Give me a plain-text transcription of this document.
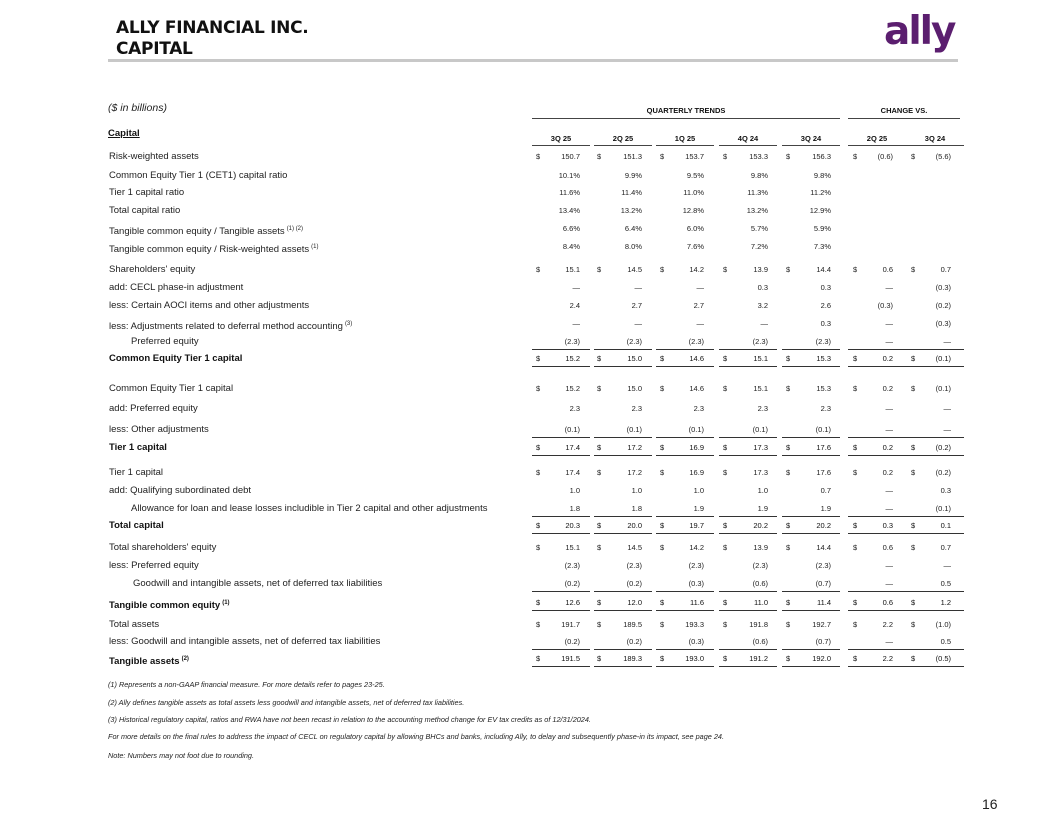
ALLY FINANCIAL INC.
CAPITAL	ally
($ in billions)	QUARTERLY TRENDS	CHANGE VS.
Capital	3Q 25	2Q 25	1Q 25	4Q 24	3Q 24	2Q 25	3Q 24
Risk-weighted assets	$	150.7 $	151.3 $	153.7	$	153.3 $	156.3	$	(0.6) $	(5.6)
Common Equity Tier 1 (CET1) capital ratio	10.1%	9.9%	9.5%	9.8%	9.8%
Tier 1 capital ratio	11.6%	11.4%	11.0%	11.3%	11.2%
Total capital ratio	13.4%	13.2%	12.8%	13.2%	12.9%
Tangible common equity / Tangible assets $^{(1) (2)}$	6.6%	6.4%	6.0%	5.7%	5.9%
Tangible common equity / Risk-weighted assets $^{(1)}$	8.4%	8.0%	7.6%	7.2%	7.3%
Shareholders' equity	$	15.1 $	14.5 $	14.2	$	13.9 $	14.4	$	0.6 $	0.7
add: CECL phase-in adjustment	—	—	—	0.3	0.3	—	(0.3)
less: Certain AOCI items and other adjustments	2.4	2.7	2.7	3.2	2.6	(0.3)	(0.2)
less: Adjustments related to deferral method accounting $^{(3)}$	—	—	—	—	0.3	—	(0.3)
Preferred equity	(2.3)	(2.3)	(2.3)	(2.3)	(2.3)	—	—
Common Equity Tier 1 capital	$	15.2 $	15.0 $	14.6	$	15.1 $	15.3	$	0.2 $	(0.1)
Common Equity Tier 1 capital	$	15.2 $	15.0 $	14.6	$	15.1 $	15.3	$	0.2 $	(0.1)
add: Preferred equity	2.3	2.3	2.3	2.3	2.3	—	—
less: Other adjustments	(0.1)	(0.1)	(0.1)	(0.1)	(0.1)	—	—
Tier 1 capital	$	17.4 $	17.2 $	16.9	$	17.3 $	17.6	$	0.2 $	(0.2)
Tier 1 capital	$	17.4 $	17.2 $	16.9	$	17.3 $	17.6	$	0.2 $	(0.2)
add: Qualifying subordinated debt	1.0	1.0	1.0	1.0	0.7	—	0.3
Allowance for loan and lease losses includible in Tier 2 capital and other adjustments	1.8	1.8	1.9	1.9	1.9	—	(0.1)
Total capital	$	20.3 $	20.0 $	19.7	$	20.2 $	20.2	$	0.3 $	0.1
Total shareholders' equity	$	15.1 $	14.5 $	14.2	$	13.9 $	14.4	$	0.6 $	0.7
less: Preferred equity	(2.3)	(2.3)	(2.3)	(2.3)	(2.3)	—	—
Goodwill and intangible assets, net of deferred tax liabilities	(0.2)	(0.2)	(0.3)	(0.6)	(0.7)	—	0.5
Tangible common equity $^{(1)}$	$	12.6 $	12.0 $	11.6	$	11.0 $	11.4	$	0.6 $	1.2
Total assets	$	191.7 $	189.5 $	193.3	$	191.8 $	192.7	$	2.2 $	(1.0)
less: Goodwill and intangible assets, net of deferred tax liabilities	(0.2)	(0.2)	(0.3)	(0.6)	(0.7)	—	0.5
Tangible assets $^{(2)}$	$	191.5 $	189.3 $	193.0	$	191.2 $	192.0	$	2.2 $	(0.5)
(1) Represents a non-GAAP financial measure. For more details refer to pages 23-25.
(2) Ally defines tangible assets as total assets less goodwill and intangible assets, net of deferred tax liabilities.
(3) Historical regulatory capital, ratios and RWA have not been recast in relation to the accounting method change for EV tax credits as of 12/31/2024.
For more details on the final rules to address the impact of CECL on regulatory capital by allowing BHCs and banks, including Ally, to delay and subsequently phase-in its impact, see page 24.
Note: Numbers may not foot due to rounding.
16
